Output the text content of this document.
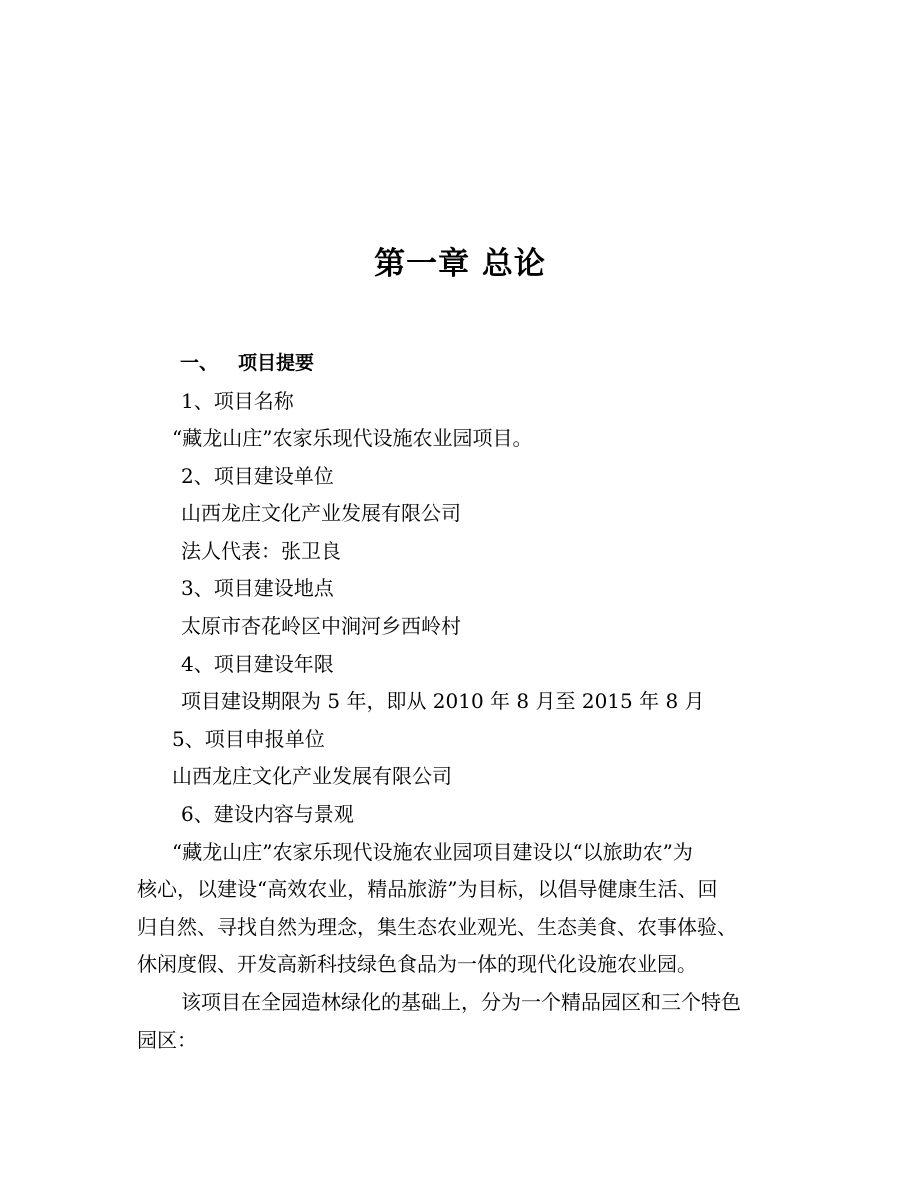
第一章 总论
一、 项目提要

1、项目名称

“藏龙山庄”农家乐现代设施农业园项目。

2、项目建设单位

山西龙庄文化产业发展有限公司

法人代表：张卫良

3、项目建设地点

太原市杏花岭区中涧河乡西岭村

4、项目建设年限

项目建设期限为 5 年，即从 2010 年 8 月至 2015 年 8 月

5、项目申报单位

山西龙庄文化产业发展有限公司

6、建设内容与景观

“藏龙山庄”农家乐现代设施农业园项目建设以“以旅助农”为

核心，以建设“高效农业，精品旅游”为目标，以倡导健康生活、回

归自然、寻找自然为理念，集生态农业观光、生态美食、农事体验、

休闲度假、开发高新科技绿色食品为一体的现代化设施农业园。

该项目在全园造林绿化的基础上，分为一个精品园区和三个特色

园区：
